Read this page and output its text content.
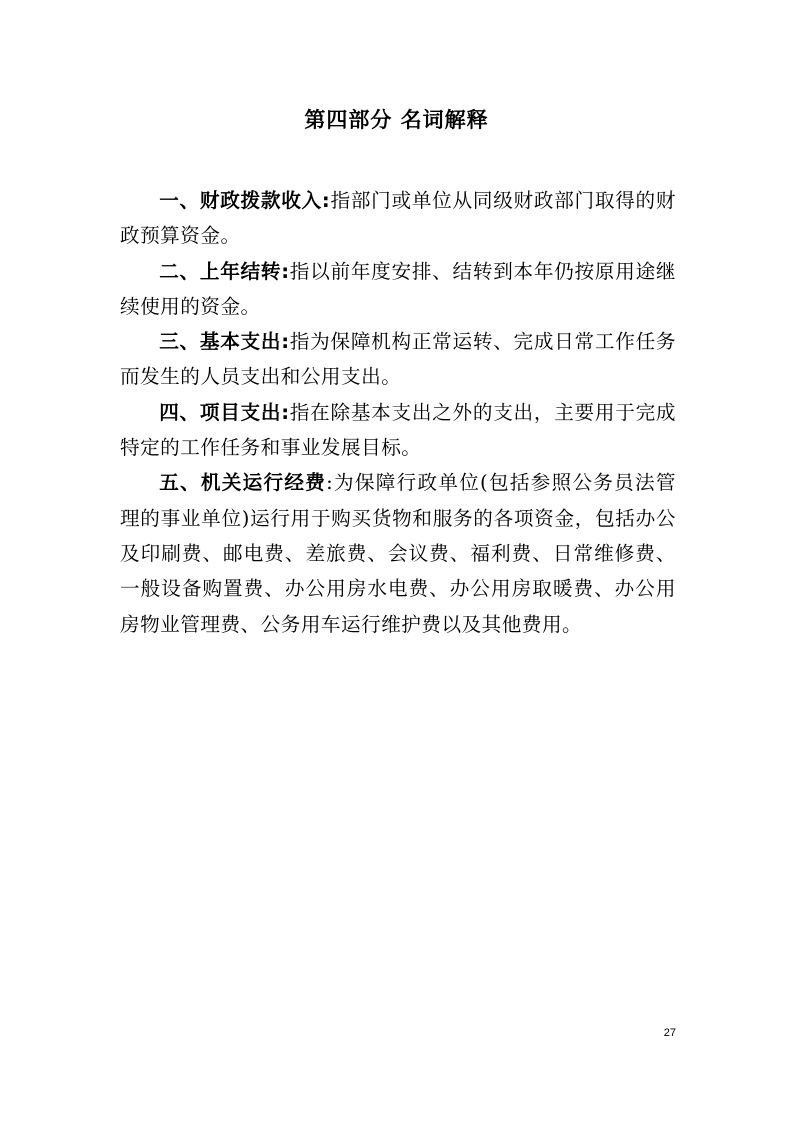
第四部分 名词解释

一、财政拨款收入:指部门或单位从同级财政部门取得的财政预算资金。

二、上年结转:指以前年度安排、结转到本年仍按原用途继续使用的资金。

三、基本支出:指为保障机构正常运转、完成日常工作任务而发生的人员支出和公用支出。

四、项目支出:指在除基本支出之外的支出，主要用于完成特定的工作任务和事业发展目标。

五、机关运行经费:为保障行政单位(包括参照公务员法管理的事业单位)运行用于购买货物和服务的各项资金，包括办公及印刷费、邮电费、差旅费、会议费、福利费、日常维修费、一般设备购置费、办公用房水电费、办公用房取暖费、办公用房物业管理费、公务用车运行维护费以及其他费用。

27
